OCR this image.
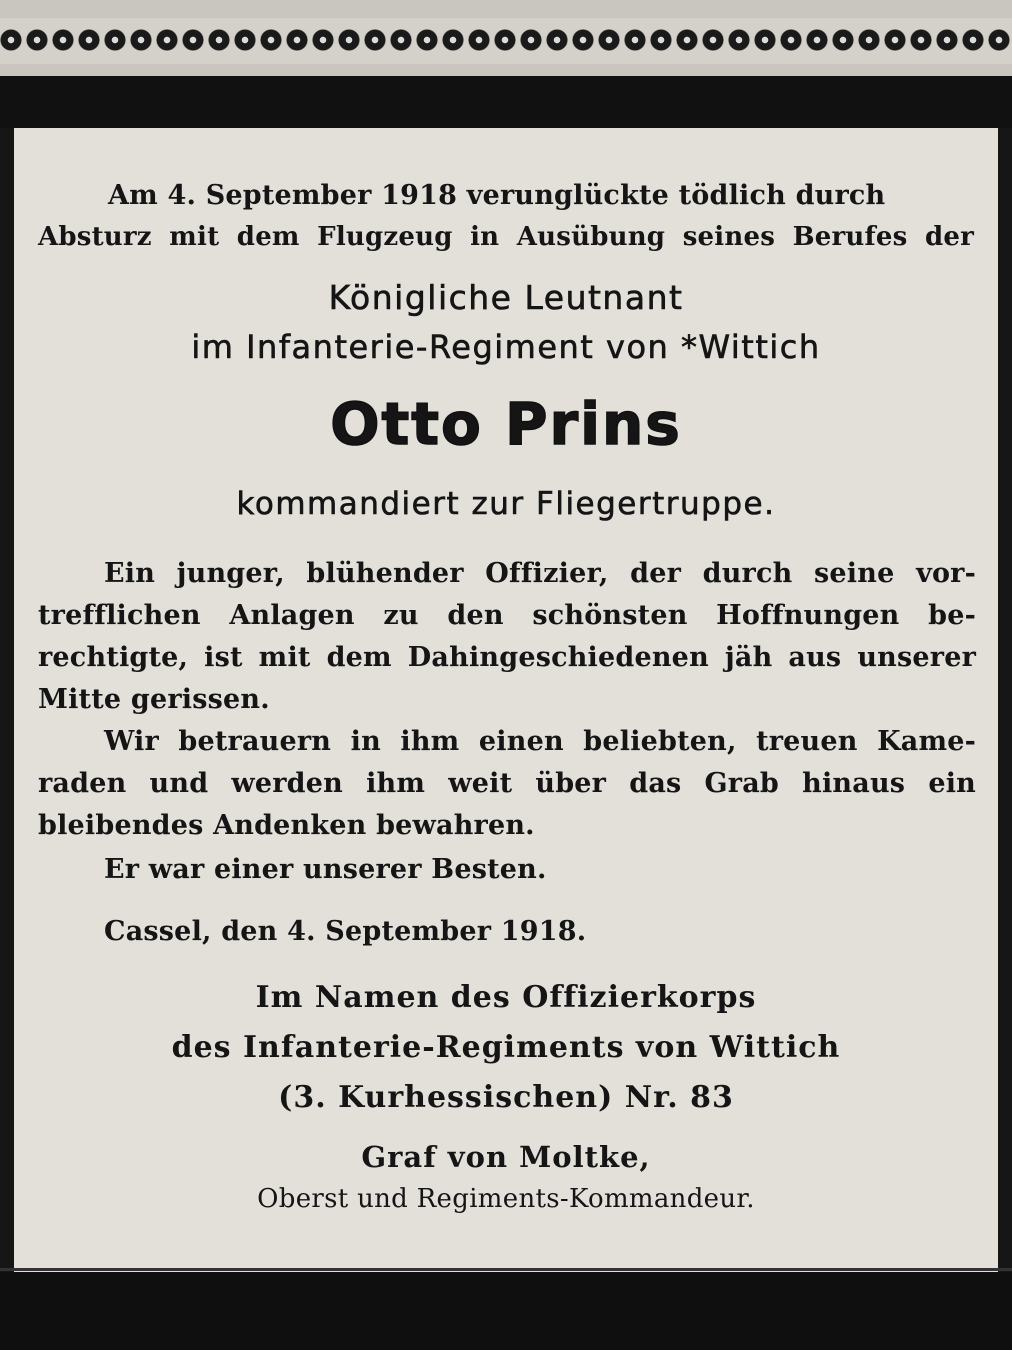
Am 4. September 1918 verunglückte tödlich durch
Absturz mit dem Flugzeug in Ausübung seines Berufes der
Königliche Leutnant
im Infanterie-Regiment von *Wittich
Otto Prins
kommandiert zur Fliegertruppe.
Ein junger, blühender Offizier, der durch seine vor-
trefflichen Anlagen zu den schönsten Hoffnungen be-
rechtigte, ist mit dem Dahingeschiedenen jäh aus unserer
Mitte gerissen.
Wir betrauern in ihm einen beliebten, treuen Kame-
raden und werden ihm weit über das Grab hinaus ein
bleibendes Andenken bewahren.
Er war einer unserer Besten.
Cassel, den 4. September 1918.
Im Namen des Offizierkorps
des Infanterie-Regiments von Wittich
(3. Kurhessischen) Nr. 83
Graf von Moltke,
Oberst und Regiments-Kommandeur.
